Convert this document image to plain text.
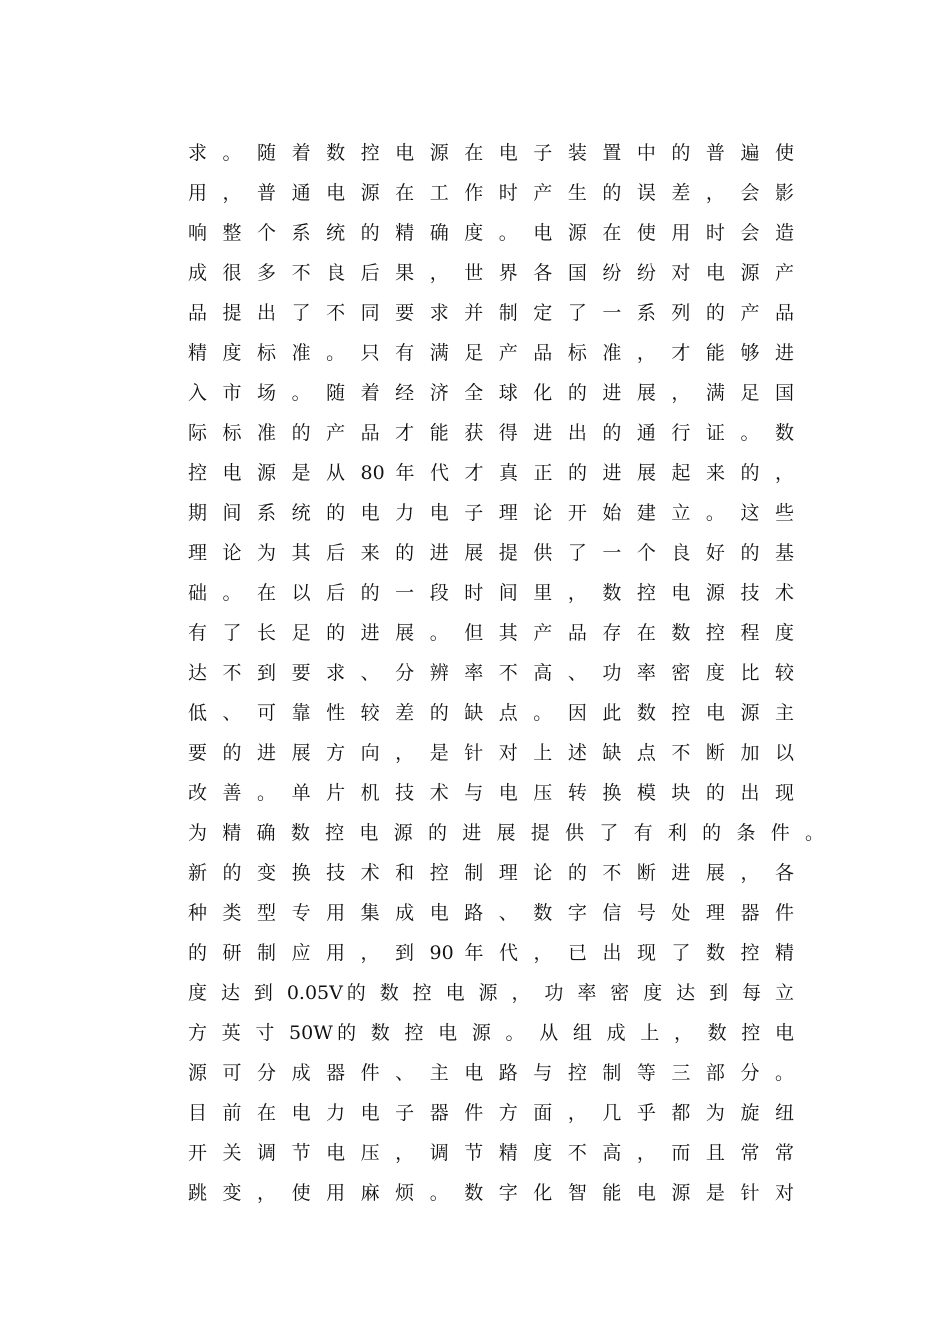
求 。 随 着 数 控 电 源 在 电 子 装 置 中 的 普 遍 使
用 ， 普 通 电 源 在 工 作 时 产 生 的 误 差 ， 会 影
响 整 个 系 统 的 精 确 度 。 电 源 在 使 用 时 会 造
成 很 多 不 良 后 果 ， 世 界 各 国 纷 纷 对 电 源 产
品 提 出 了 不 同 要 求 并 制 定 了 一 系 列 的 产 品
精 度 标 准 。 只 有 满 足 产 品 标 准 ， 才 能 够 进
入 市 场 。 随 着 经 济 全 球 化 的 进 展 ， 满 足 国
际 标 准 的 产 品 才 能 获 得 进 出 的 通 行 证 。 数
控 电 源 是 从 80 年 代 才 真 正 的 进 展 起 来 的 ，
期 间 系 统 的 电 力 电 子 理 论 开 始 建 立 。 这 些
理 论 为 其 后 来 的 进 展 提 供 了 一 个 良 好 的 基
础 。 在 以 后 的 一 段 时 间 里 ， 数 控 电 源 技 术
有 了 长 足 的 进 展 。 但 其 产 品 存 在 数 控 程 度
达 不 到 要 求 、 分 辨 率 不 高 、 功 率 密 度 比 较
低 、 可 靠 性 较 差 的 缺 点 。 因 此 数 控 电 源 主
要 的 进 展 方 向 ， 是 针 对 上 述 缺 点 不 断 加 以
改 善 。 单 片 机 技 术 与 电 压 转 换 模 块 的 出 现
为 精 确 数 控 电 源 的 进 展 提 供 了 有 利 的 条 件 。
新 的 变 换 技 术 和 控 制 理 论 的 不 断 进 展 ， 各
种 类 型 专 用 集 成 电 路 、 数 字 信 号 处 理 器 件
的 研 制 应 用 ， 到 90 年 代 ， 已 出 现 了 数 控 精
度 达 到 0.05V的 数 控 电 源 ， 功 率 密 度 达 到 每 立
方 英 寸 50W的 数 控 电 源 。 从 组 成 上 ， 数 控 电
源 可 分 成 器 件 、 主 电 路 与 控 制 等 三 部 分 。
目 前 在 电 力 电 子 器 件 方 面 ， 几 乎 都 为 旋 纽
开 关 调 节 电 压 ， 调 节 精 度 不 高 ， 而 且 常 常
跳 变 ， 使 用 麻 烦 。 数 字 化 智 能 电 源 是 针 对
